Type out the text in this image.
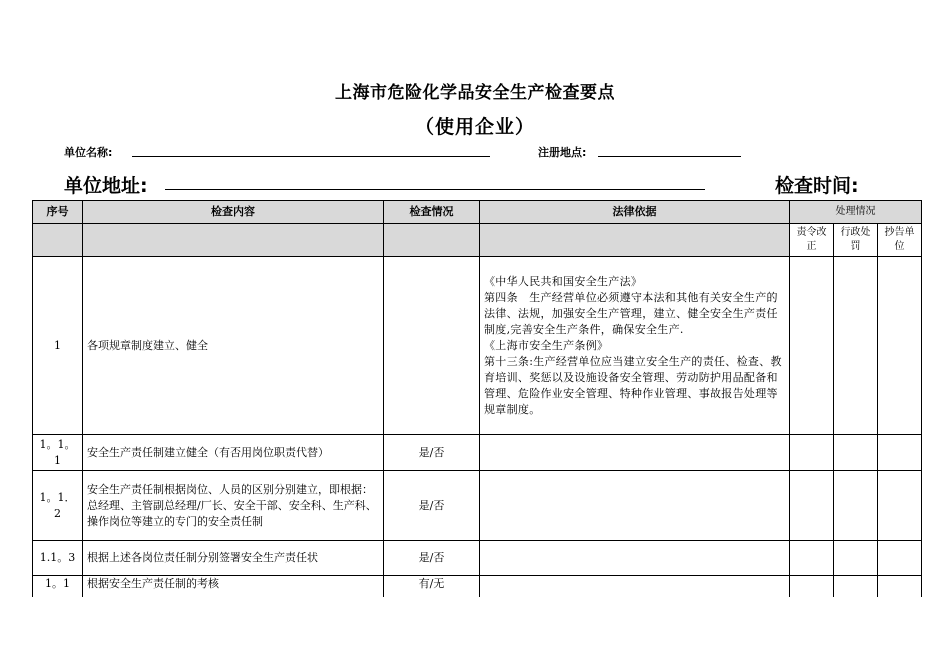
上海市危险化学品安全生产检查要点
（使用企业）
单位名称:	注册地点:
单位地址:	检查时间:
序号	检查内容	检查情况	法律依据	处理情况		
				责令改正	行政处罚	抄告单位
1	各项规章制度建立、健全		《中华人民共和国安全生产法》
第四条　生产经营单位必须遵守本法和其他有关安全生产的法律、法规，加强安全生产管理，建立、健全安全生产责任制度,完善安全生产条件，确保安全生产.
《上海市安全生产条例》
第十三条:生产经营单位应当建立安全生产的责任、检查、教育培训、奖惩以及设施设备安全管理、劳动防护用品配备和管理、危险作业安全管理、特种作业管理、事故报告处理等规章制度。			

1。1。1	安全生产责任制建立健全（有否用岗位职责代替）	是/否				
1。1．2	安全生产责任制根据岗位、人员的区别分别建立，即根据：总经理、主管副总经理/厂长、安全干部、安全科、生产科、操作岗位等建立的专门的安全责任制	是/否				
1.1。3	根据上述各岗位责任制分别签署安全生产责任状	是/否				
1。1	根据安全生产责任制的考核	有/无				
